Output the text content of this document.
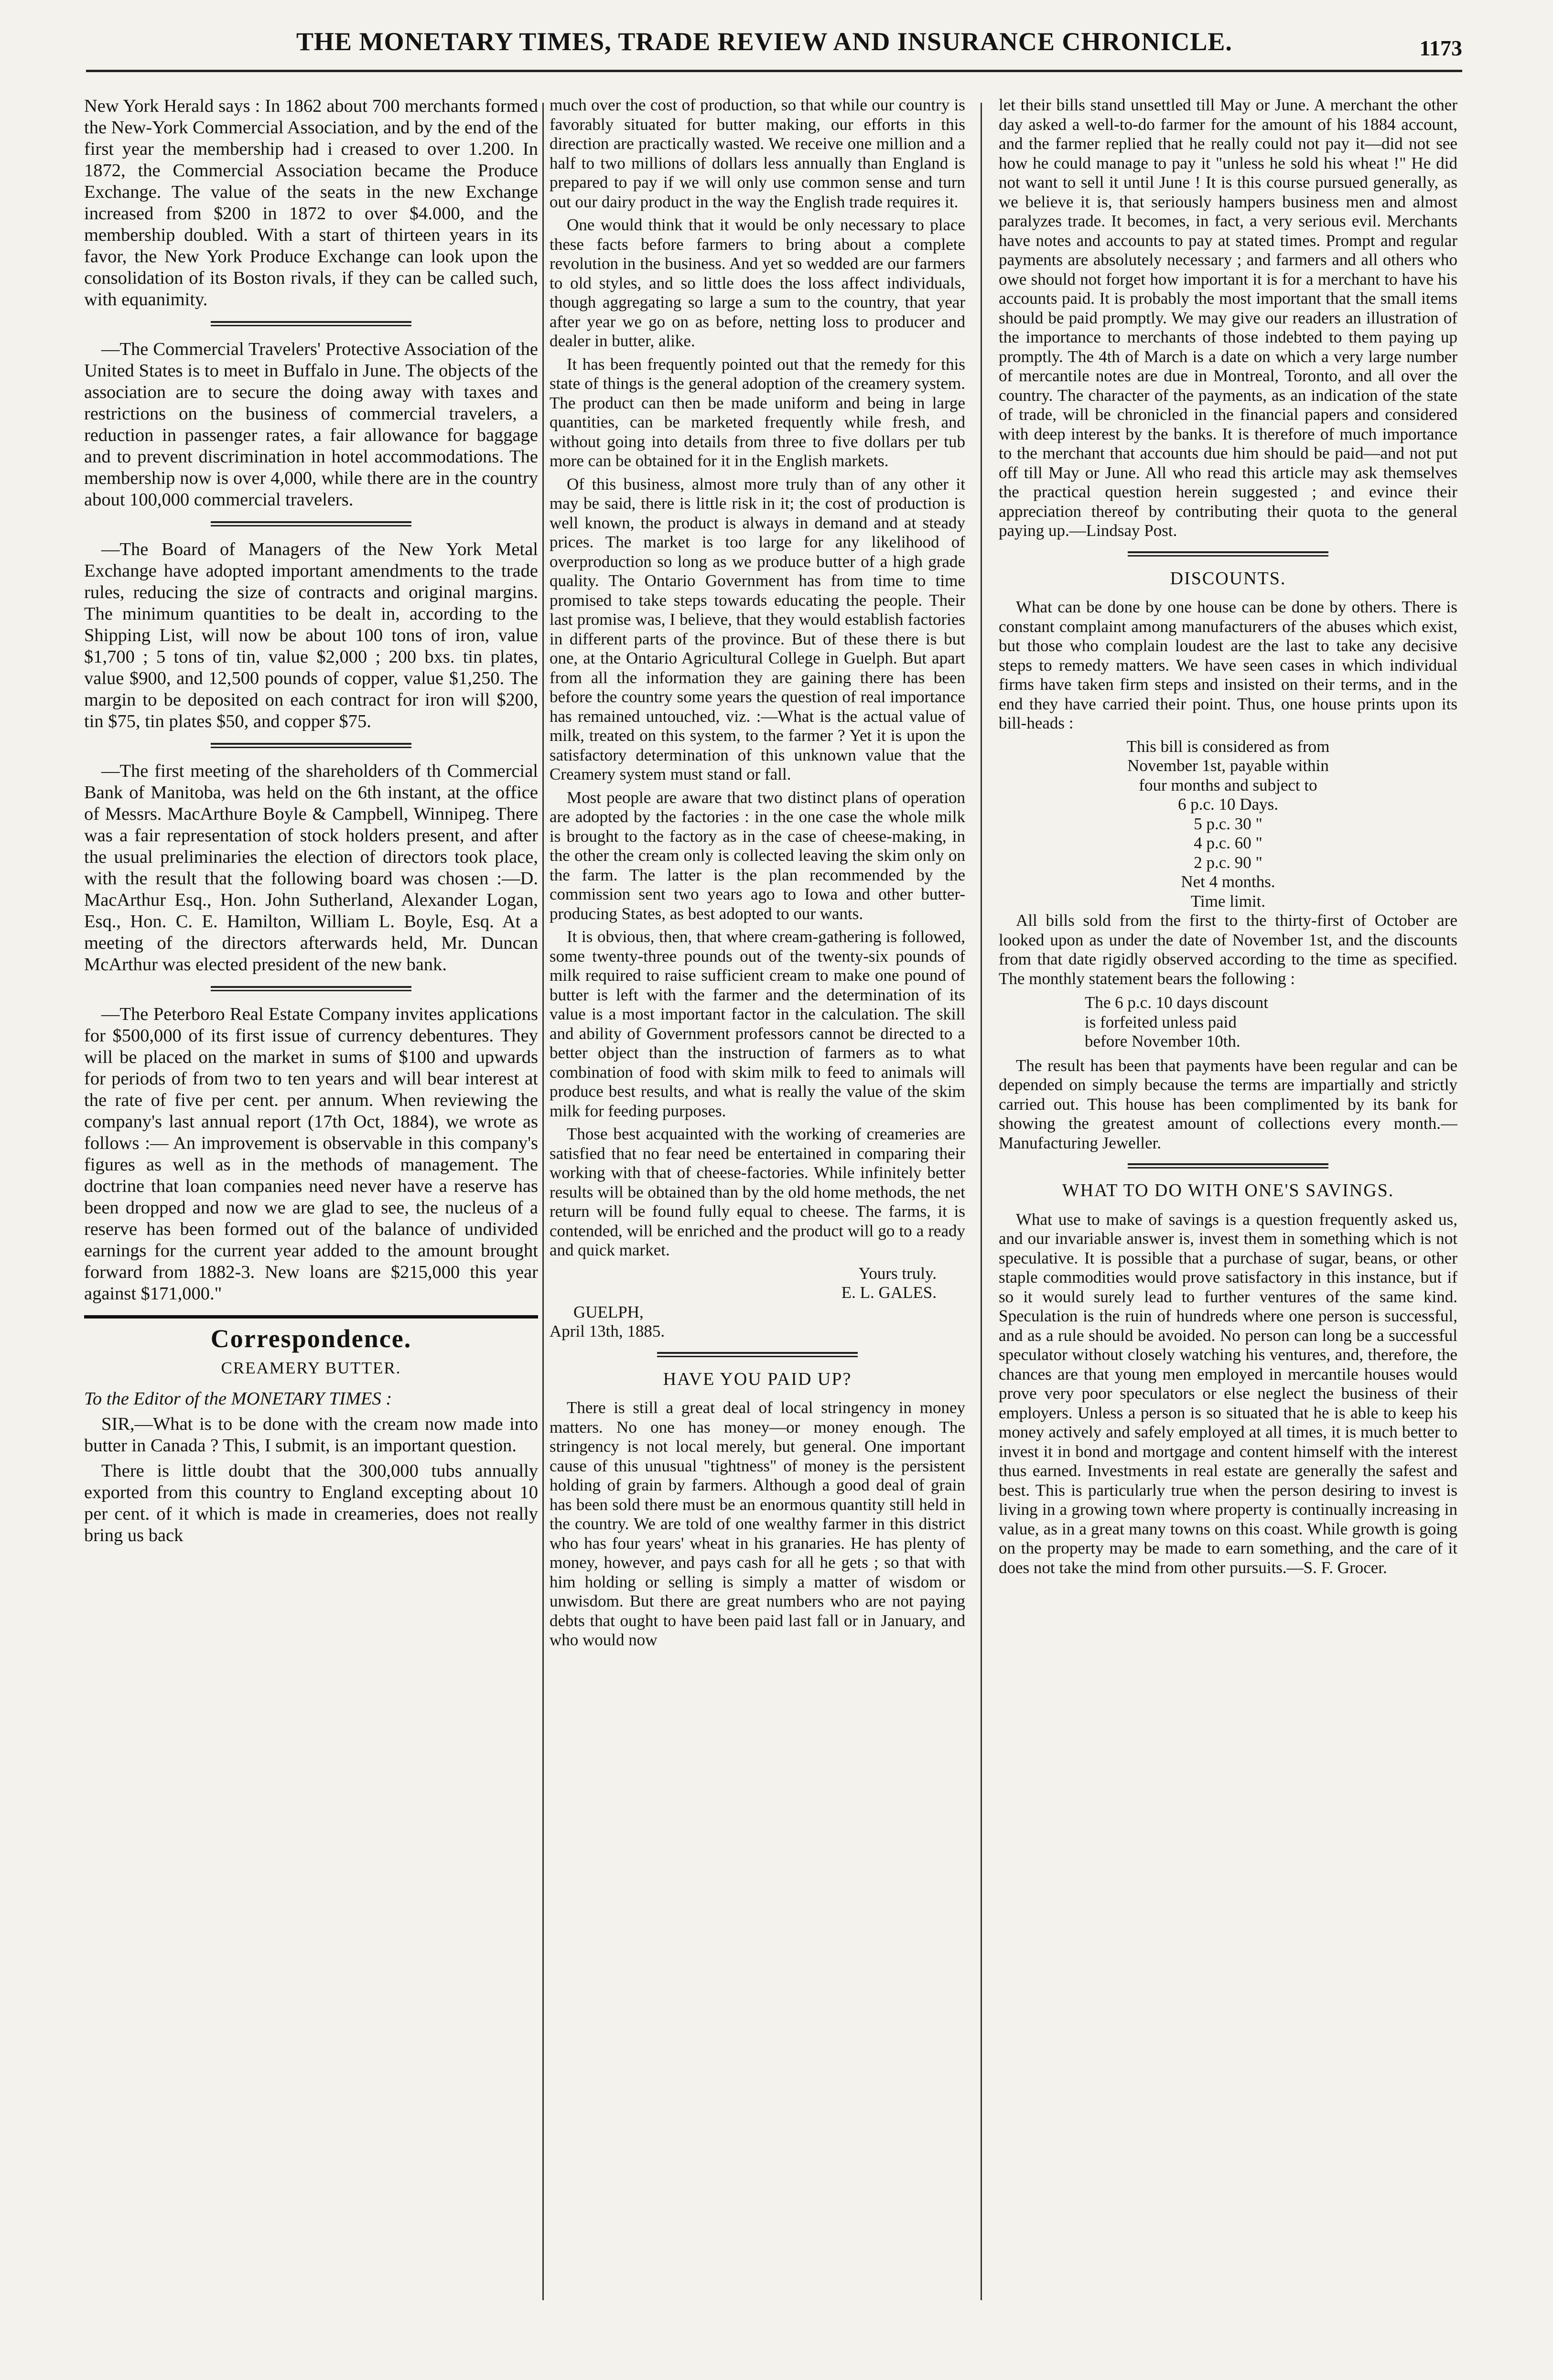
THE MONETARY TIMES, TRADE REVIEW AND INSURANCE CHRONICLE.	1173

New York Herald says : In 1862 about 700 merchants formed the New-York Commercial Association, and by the end of the first year the membership had i creased to over 1.200. In 1872, the Commercial Association became the Produce Exchange. The value of the seats in the new Exchange increased from $200 in 1872 to over $4.000, and the membership doubled. With a start of thirteen years in its favor, the New York Produce Exchange can look upon the consolidation of its Boston rivals, if they can be called such, with equanimity.

—The Commercial Travelers' Protective Association of the United States is to meet in Buffalo in June. The objects of the association are to secure the doing away with taxes and restrictions on the business of commercial travelers, a reduction in passenger rates, a fair allowance for baggage and to prevent discrimination in hotel accommodations. The membership now is over 4,000, while there are in the country about 100,000 commercial travelers.

—The Board of Managers of the New York Metal Exchange have adopted important amendments to the trade rules, reducing the size of contracts and original margins. The minimum quantities to be dealt in, according to the Shipping List, will now be about 100 tons of iron, value $1,700 ; 5 tons of tin, value $2,000 ; 200 bxs. tin plates, value $900, and 12,500 pounds of copper, value $1,250. The margin to be deposited on each contract for iron will $200, tin $75, tin plates $50, and copper $75.

—The first meeting of the shareholders of th Commercial Bank of Manitoba, was held on the 6th instant, at the office of Messrs. MacArthure Boyle & Campbell, Winnipeg. There was a fair representation of stock holders present, and after the usual preliminaries the election of directors took place, with the result that the following board was chosen :—D. MacArthur Esq., Hon. John Sutherland, Alexander Logan, Esq., Hon. C. E. Hamilton, William L. Boyle, Esq. At a meeting of the directors afterwards held, Mr. Duncan McArthur was elected president of the new bank.

—The Peterboro Real Estate Company invites applications for $500,000 of its first issue of currency debentures. They will be placed on the market in sums of $100 and upwards for periods of from two to ten years and will bear interest at the rate of five per cent. per annum. When reviewing the company's last annual report (17th Oct, 1884), we wrote as follows :— An improvement is observable in this company's figures as well as in the methods of management. The doctrine that loan companies need never have a reserve has been dropped and now we are glad to see, the nucleus of a reserve has been formed out of the balance of undivided earnings for the current year added to the amount brought forward from 1882-3. New loans are $215,000 this year against $171,000."

Correspondence.
CREAMERY BUTTER.

To the Editor of the MONETARY TIMES :

SIR,—What is to be done with the cream now made into butter in Canada ? This, I submit, is an important question.

There is little doubt that the 300,000 tubs annually exported from this country to England excepting about 10 per cent. of it which is made in creameries, does not really bring us back

much over the cost of production, so that while our country is favorably situated for butter making, our efforts in this direction are practically wasted. We receive one million and a half to two millions of dollars less annually than England is prepared to pay if we will only use common sense and turn out our dairy product in the way the English trade requires it.

One would think that it would be only necessary to place these facts before farmers to bring about a complete revolution in the business. And yet so wedded are our farmers to old styles, and so little does the loss affect individuals, though aggregating so large a sum to the country, that year after year we go on as before, netting loss to producer and dealer in butter, alike.

It has been frequently pointed out that the remedy for this state of things is the general adoption of the creamery system. The product can then be made uniform and being in large quantities, can be marketed frequently while fresh, and without going into details from three to five dollars per tub more can be obtained for it in the English markets.

Of this business, almost more truly than of any other it may be said, there is little risk in it; the cost of production is well known, the product is always in demand and at steady prices. The market is too large for any likelihood of overproduction so long as we produce butter of a high grade quality. The Ontario Government has from time to time promised to take steps towards educating the people. Their last promise was, I believe, that they would establish factories in different parts of the province. But of these there is but one, at the Ontario Agricultural College in Guelph. But apart from all the information they are gaining there has been before the country some years the question of real importance has remained untouched, viz. :—What is the actual value of milk, treated on this system, to the farmer ? Yet it is upon the satisfactory determination of this unknown value that the Creamery system must stand or fall.

Most people are aware that two distinct plans of operation are adopted by the factories : in the one case the whole milk is brought to the factory as in the case of cheese-making, in the other the cream only is collected leaving the skim only on the farm. The latter is the plan recommended by the commission sent two years ago to Iowa and other butter-producing States, as best adopted to our wants.

It is obvious, then, that where cream-gathering is followed, some twenty-three pounds out of the twenty-six pounds of milk required to raise sufficient cream to make one pound of butter is left with the farmer and the determination of its value is a most important factor in the calculation. The skill and ability of Government professors cannot be directed to a better object than the instruction of farmers as to what combination of food with skim milk to feed to animals will produce best results, and what is really the value of the skim milk for feeding purposes.

Those best acquainted with the working of creameries are satisfied that no fear need be entertained in comparing their working with that of cheese-factories. While infinitely better results will be obtained than by the old home methods, the net return will be found fully equal to cheese. The farms, it is contended, will be enriched and the product will go to a ready and quick market.

Yours truly.

E. L. GALES.

GUELPH,

April 13th, 1885.

HAVE YOU PAID UP?

There is still a great deal of local stringency in money matters. No one has money—or money enough. The stringency is not local merely, but general. One important cause of this unusual "tightness" of money is the persistent holding of grain by farmers. Although a good deal of grain has been sold there must be an enormous quantity still held in the country. We are told of one wealthy farmer in this district who has four years' wheat in his granaries. He has plenty of money, however, and pays cash for all he gets ; so that with him holding or selling is simply a matter of wisdom or unwisdom. But there are great numbers who are not paying debts that ought to have been paid last fall or in January, and who would now

let their bills stand unsettled till May or June. A merchant the other day asked a well-to-do farmer for the amount of his 1884 account, and the farmer replied that he really could not pay it—did not see how he could manage to pay it "unless he sold his wheat !" He did not want to sell it until June ! It is this course pursued generally, as we believe it is, that seriously hampers business men and almost paralyzes trade. It becomes, in fact, a very serious evil. Merchants have notes and accounts to pay at stated times. Prompt and regular payments are absolutely necessary ; and farmers and all others who owe should not forget how important it is for a merchant to have his accounts paid. It is probably the most important that the small items should be paid promptly. We may give our readers an illustration of the importance to merchants of those indebted to them paying up promptly. The 4th of March is a date on which a very large number of mercantile notes are due in Montreal, Toronto, and all over the country. The character of the payments, as an indication of the state of trade, will be chronicled in the financial papers and considered with deep interest by the banks. It is therefore of much importance to the merchant that accounts due him should be paid—and not put off till May or June. All who read this article may ask themselves the practical question herein suggested ; and evince their appreciation thereof by contributing their quota to the general paying up.—Lindsay Post.

DISCOUNTS.

What can be done by one house can be done by others. There is constant complaint among manufacturers of the abuses which exist, but those who complain loudest are the last to take any decisive steps to remedy matters. We have seen cases in which individual firms have taken firm steps and insisted on their terms, and in the end they have carried their point. Thus, one house prints upon its bill-heads :

This bill is considered as from

November 1st, payable within

four months and subject to

6 p.c. 10 Days.

5 p.c. 30 "

4 p.c. 60 "

2 p.c. 90 "

Net 4 months.

Time limit.

All bills sold from the first to the thirty-first of October are looked upon as under the date of November 1st, and the discounts from that date rigidly observed according to the time as specified. The monthly statement bears the following :

The 6 p.c. 10 days discount

is forfeited unless paid

before November 10th.

The result has been that payments have been regular and can be depended on simply because the terms are impartially and strictly carried out. This house has been complimented by its bank for showing the greatest amount of collections every month.—Manufacturing Jeweller.

WHAT TO DO WITH ONE'S SAVINGS.

What use to make of savings is a question frequently asked us, and our invariable answer is, invest them in something which is not speculative. It is possible that a purchase of sugar, beans, or other staple commodities would prove satisfactory in this instance, but if so it would surely lead to further ventures of the same kind. Speculation is the ruin of hundreds where one person is successful, and as a rule should be avoided. No person can long be a successful speculator without closely watching his ventures, and, therefore, the chances are that young men employed in mercantile houses would prove very poor speculators or else neglect the business of their employers. Unless a person is so situated that he is able to keep his money actively and safely employed at all times, it is much better to invest it in bond and mortgage and content himself with the interest thus earned. Investments in real estate are generally the safest and best. This is particularly true when the person desiring to invest is living in a growing town where property is continually increasing in value, as in a great many towns on this coast. While growth is going on the property may be made to earn something, and the care of it does not take the mind from other pursuits.—S. F. Grocer.
